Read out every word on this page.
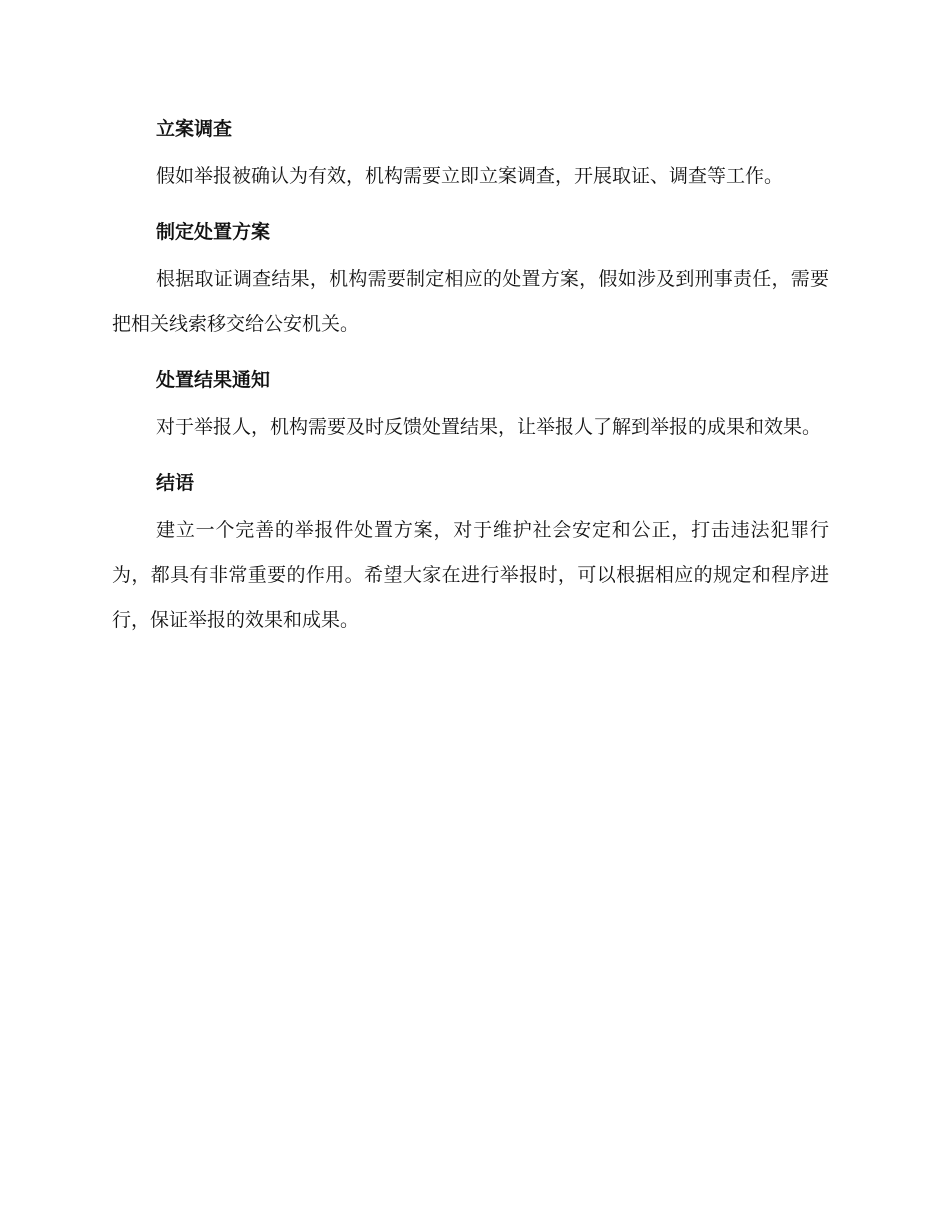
立案调查

假如举报被确认为有效，机构需要立即立案调查，开展取证、调查等工作。

制定处置方案

根据取证调查结果，机构需要制定相应的处置方案，假如涉及到刑事责任，需要把相关线索移交给公安机关。

处置结果通知

对于举报人，机构需要及时反馈处置结果，让举报人了解到举报的成果和效果。

结语

建立一个完善的举报件处置方案，对于维护社会安定和公正，打击违法犯罪行为，都具有非常重要的作用。希望大家在进行举报时，可以根据相应的规定和程序进行，保证举报的效果和成果。
